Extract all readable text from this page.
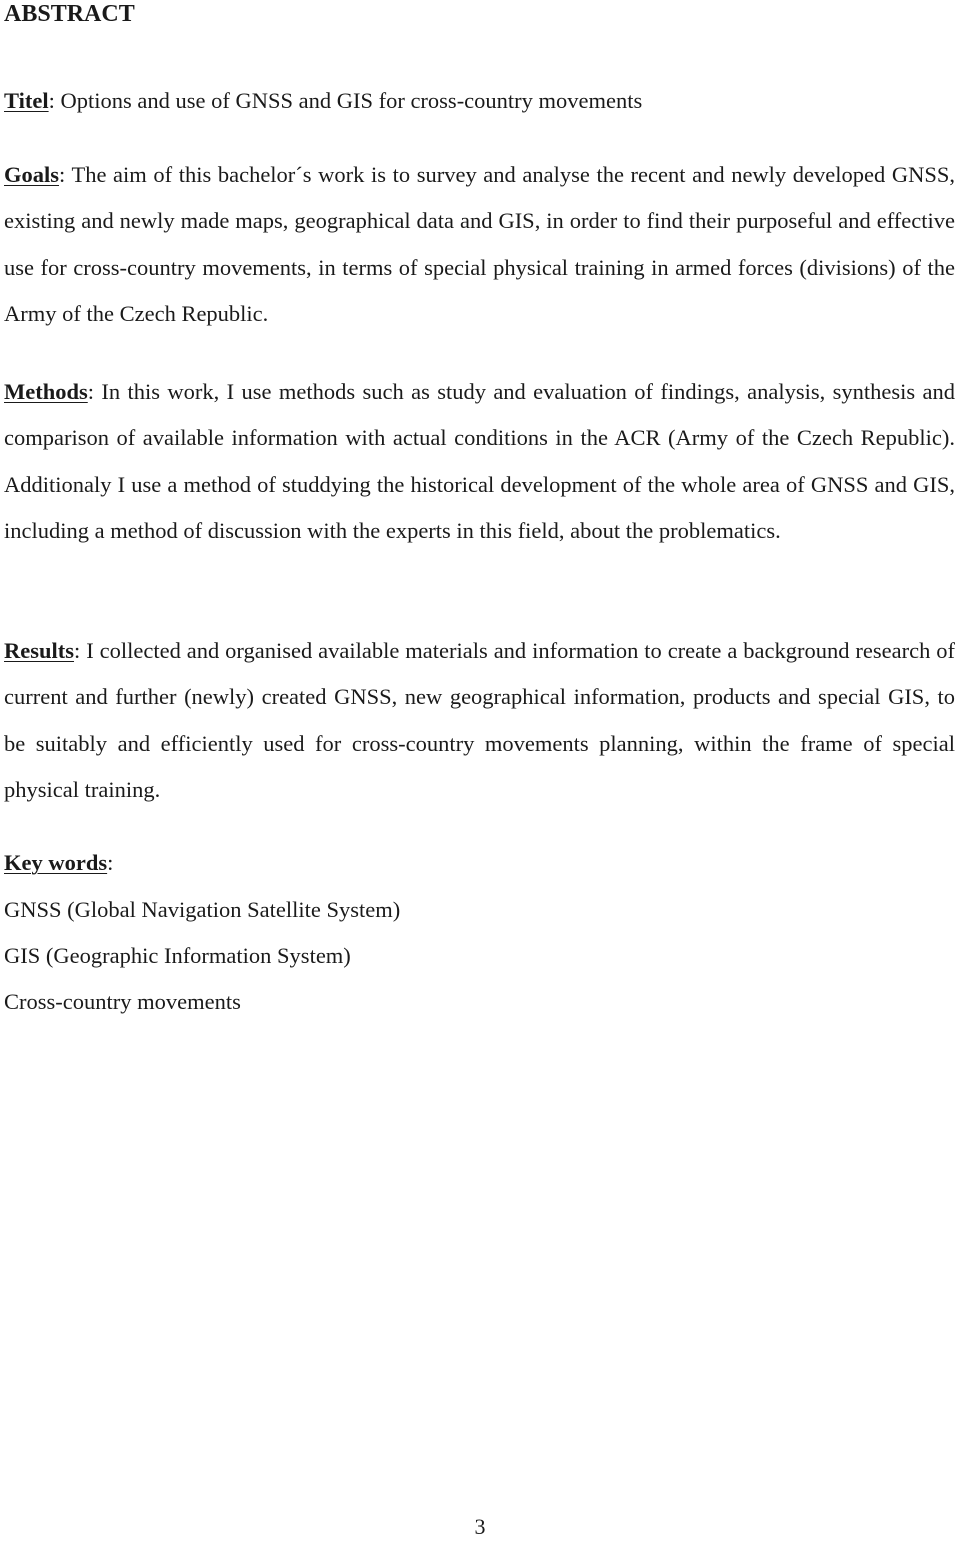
ABSTRACT

Titel: Options and use of GNSS and GIS for cross-country movements

Goals: The aim of this bachelor´s work is to survey and analyse the recent and newly developed GNSS, existing and newly made maps, geographical data and GIS, in order to find their purposeful and effective use for cross-country movements, in terms of special physical training in armed forces (divisions) of the Army of the Czech Republic.

Methods: In this work, I use methods such as study and evaluation of findings, analysis, synthesis and comparison of available information with actual conditions in the ACR (Army of the Czech Republic). Additionaly I use a method of studdying the historical development of the whole area of GNSS and GIS, including a method of discussion with the experts in this field, about the problematics.

Results: I collected and organised available materials and information to create a background research of current and further (newly) created GNSS, new geographical information, products and special GIS, to be suitably and efficiently used for cross-country movements planning, within the frame of special physical training.

Key words:

GNSS (Global Navigation Satellite System)

GIS (Geographic Information System)

Cross-country movements

3
